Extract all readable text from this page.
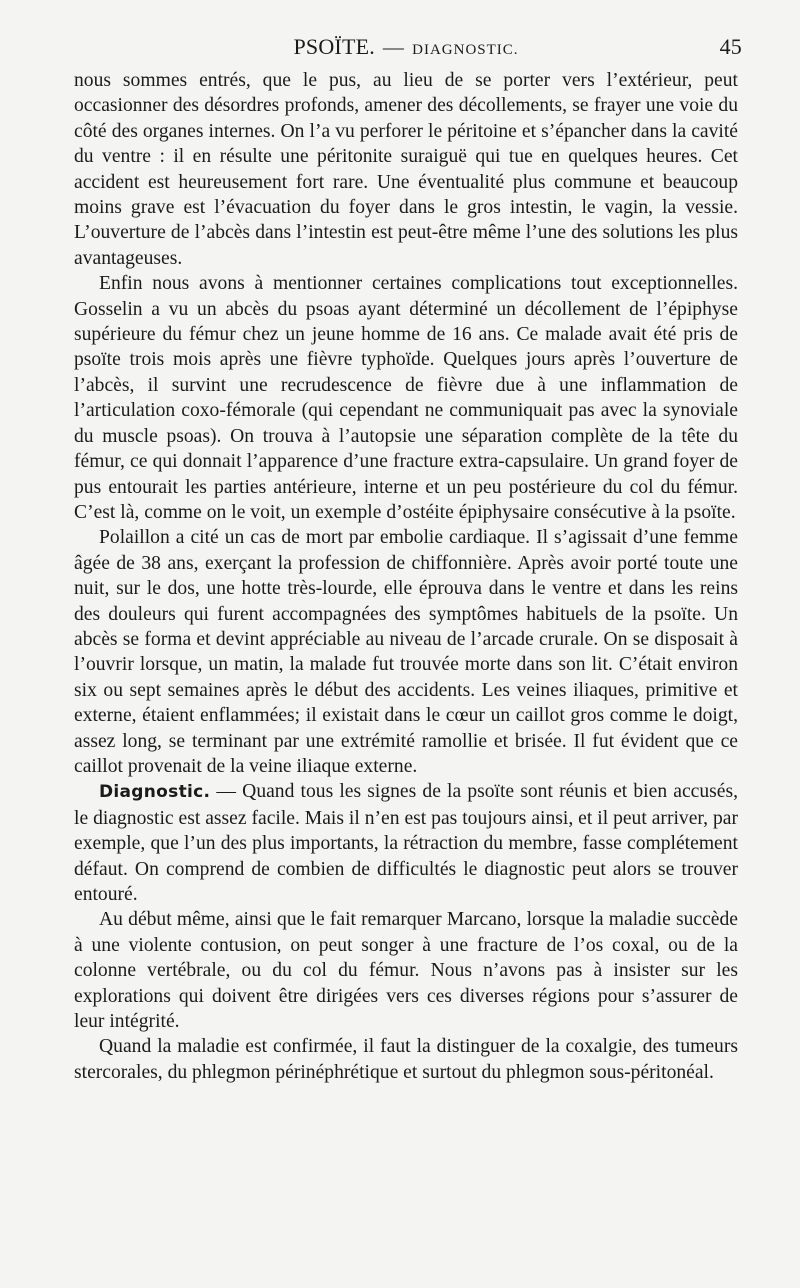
PSOÏTE. — DIAGNOSTIC.	45

nous sommes entrés, que le pus, au lieu de se porter vers l’extérieur, peut occasionner des désordres profonds, amener des décollements, se frayer une voie du côté des organes internes. On l’a vu perforer le péritoine et s’épancher dans la cavité du ventre : il en résulte une péritonite suraiguë qui tue en quelques heures. Cet accident est heureusement fort rare. Une éventualité plus commune et beaucoup moins grave est l’évacuation du foyer dans le gros intestin, le vagin, la vessie. L’ouverture de l’abcès dans l’intestin est peut-être même l’une des solutions les plus avantageuses.

Enfin nous avons à mentionner certaines complications tout exceptionnelles. Gosselin a vu un abcès du psoas ayant déterminé un décollement de l’épiphyse supérieure du fémur chez un jeune homme de 16 ans. Ce malade avait été pris de psoïte trois mois après une fièvre typhoïde. Quelques jours après l’ouverture de l’abcès, il survint une recrudescence de fièvre due à une inflammation de l’articulation coxo-fémorale (qui cependant ne communiquait pas avec la synoviale du muscle psoas). On trouva à l’autopsie une séparation complète de la tête du fémur, ce qui donnait l’apparence d’une fracture extra-capsulaire. Un grand foyer de pus entourait les parties antérieure, interne et un peu postérieure du col du fémur. C’est là, comme on le voit, un exemple d’ostéite épiphysaire consécutive à la psoïte.

Polaillon a cité un cas de mort par embolie cardiaque. Il s’agissait d’une femme âgée de 38 ans, exerçant la profession de chiffonnière. Après avoir porté toute une nuit, sur le dos, une hotte très-lourde, elle éprouva dans le ventre et dans les reins des douleurs qui furent accompagnées des symptômes habituels de la psoïte. Un abcès se forma et devint appréciable au niveau de l’arcade crurale. On se disposait à l’ouvrir lorsque, un matin, la malade fut trouvée morte dans son lit. C’était environ six ou sept semaines après le début des accidents. Les veines iliaques, primitive et externe, étaient enflammées; il existait dans le cœur un caillot gros comme le doigt, assez long, se terminant par une extrémité ramollie et brisée. Il fut évident que ce caillot provenait de la veine iliaque externe.

Diagnostic. — Quand tous les signes de la psoïte sont réunis et bien accusés, le diagnostic est assez facile. Mais il n’en est pas toujours ainsi, et il peut arriver, par exemple, que l’un des plus importants, la rétraction du membre, fasse complétement défaut. On comprend de combien de difficultés le diagnostic peut alors se trouver entouré.

Au début même, ainsi que le fait remarquer Marcano, lorsque la maladie succède à une violente contusion, on peut songer à une fracture de l’os coxal, ou de la colonne vertébrale, ou du col du fémur. Nous n’avons pas à insister sur les explorations qui doivent être dirigées vers ces diverses régions pour s’assurer de leur intégrité.

Quand la maladie est confirmée, il faut la distinguer de la coxalgie, des tumeurs stercorales, du phlegmon périnéphrétique et surtout du phlegmon sous-péritonéal.
